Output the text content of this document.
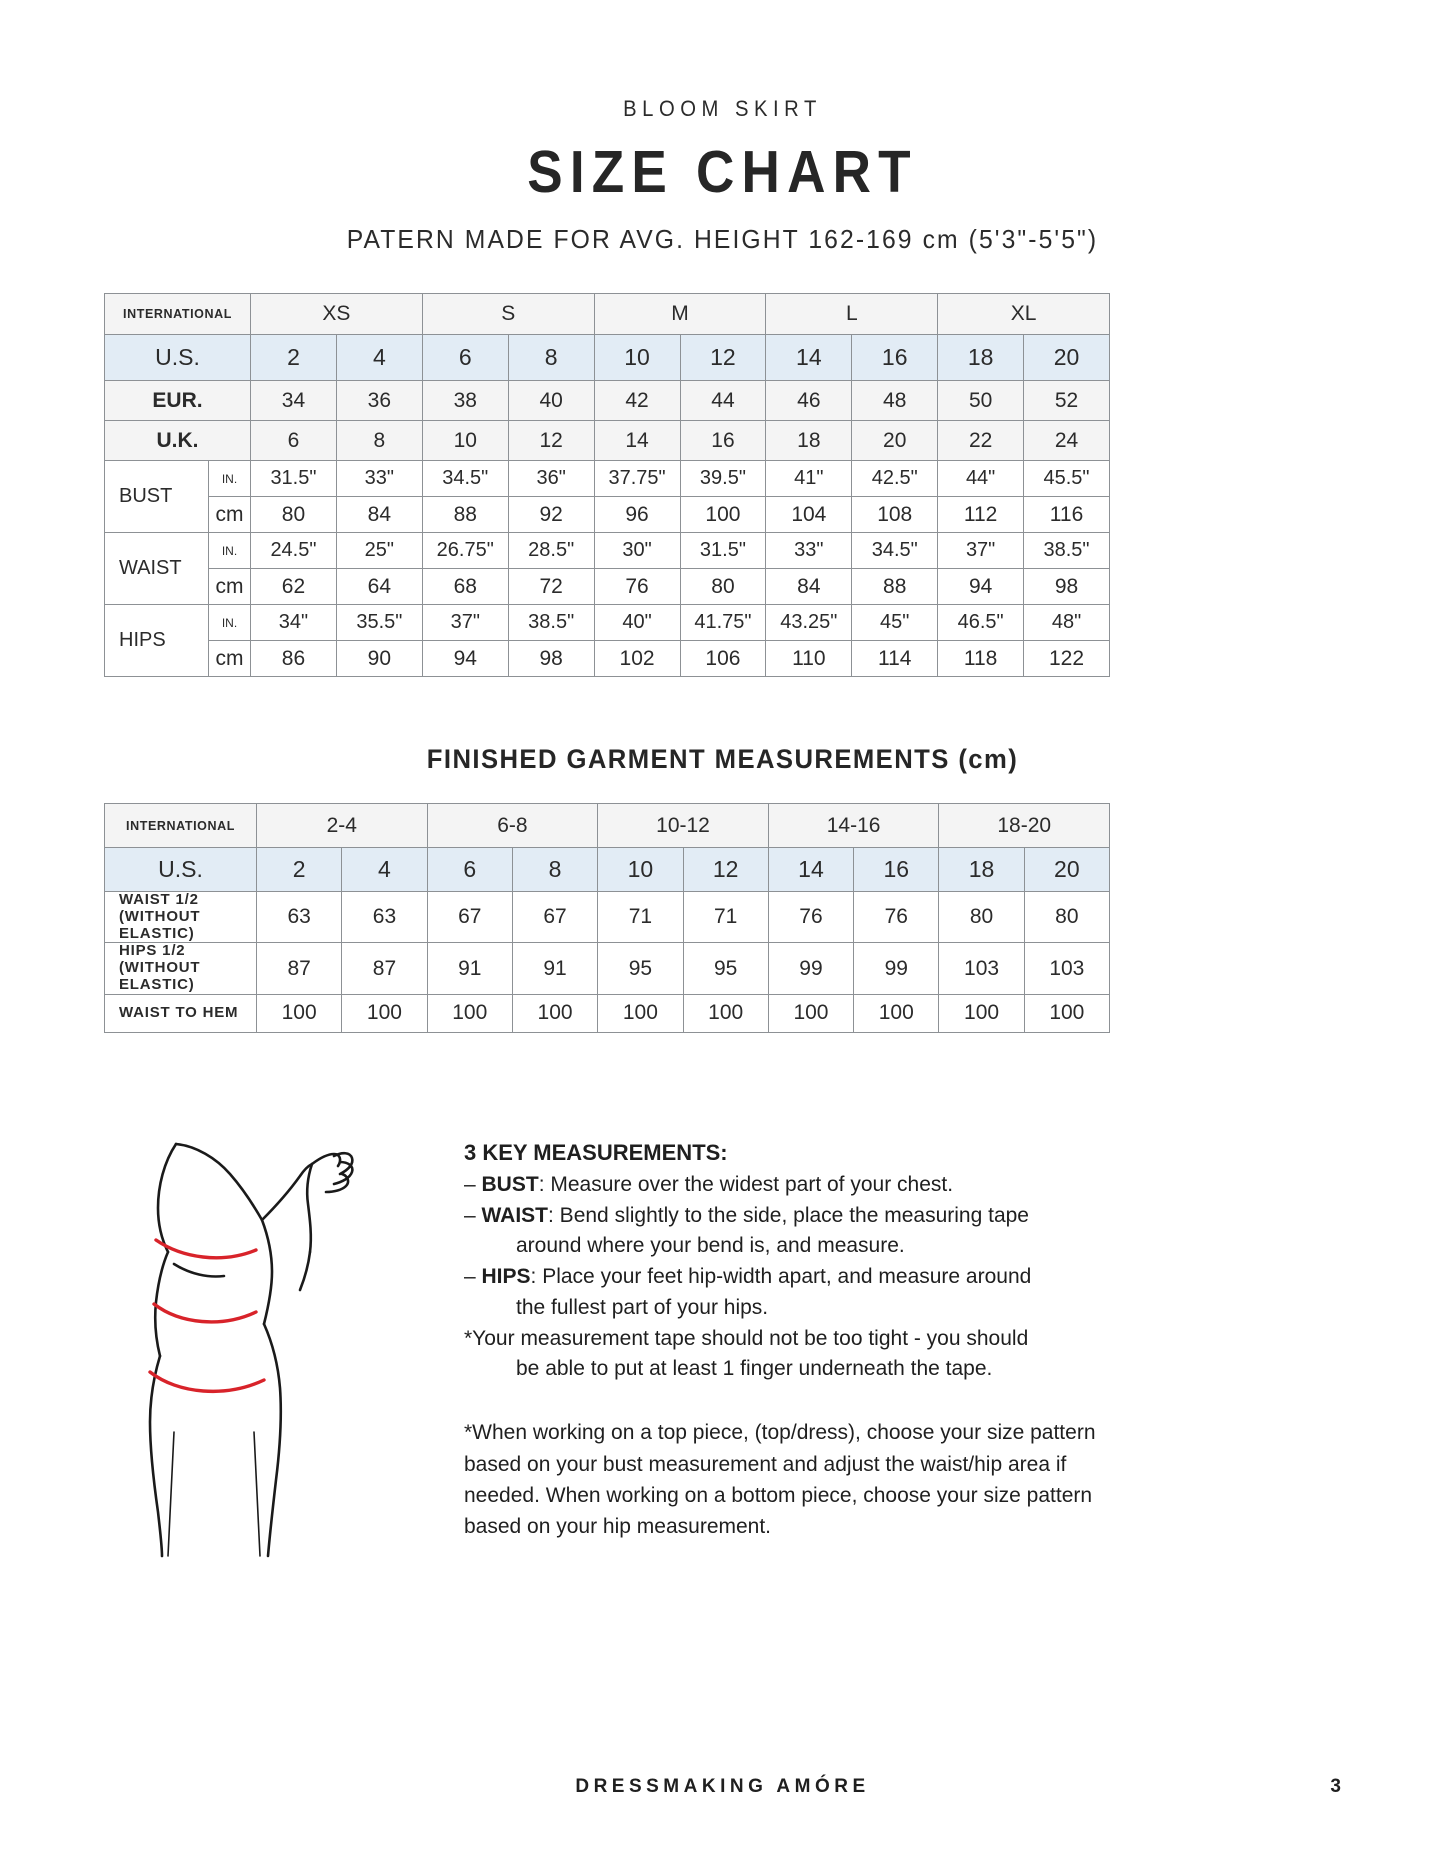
BLOOM SKIRT
SIZE CHART
PATERN MADE FOR AVG. HEIGHT 162-169 cm (5'3"-5'5")
INTERNATIONAL		XS		S		M		L		XL	
U.S.		2	4	6	8	10	12	14	16	18	20
EUR.		34	36	38	40	42	44	46	48	50	52
U.K.		6	8	10	12	14	16	18	20	22	24
BUST	IN.	31.5"	33"	34.5"	36"	37.75"	39.5"	41"	42.5"	44"	45.5"
	cm	80	84	88	92	96	100	104	108	112	116
WAIST	IN.	24.5"	25"	26.75"	28.5"	30"	31.5"	33"	34.5"	37"	38.5"
	cm	62	64	68	72	76	80	84	88	94	98
HIPS	IN.	34"	35.5"	37"	38.5"	40"	41.75"	43.25"	45"	46.5"	48"
	cm	86	90	94	98	102	106	110	114	118	122
FINISHED GARMENT MEASUREMENTS (cm)
INTERNATIONAL	2-4		6-8		10-12		14-16		18-20	
U.S.	2	4	6	8	10	12	14	16	18	20
WAIST 1/2
(WITHOUT ELASTIC)	63	63	67	67	71	71	76	76	80	80
HIPS 1/2
(WITHOUT ELASTIC)	87	87	91	91	95	95	99	99	103	103
WAIST TO HEM	100	100	100	100	100	100	100	100	100	100
3 KEY MEASUREMENTS:
– BUST: Measure over the widest part of your chest.
– WAIST: Bend slightly to the side, place the measuring tape
around where your bend is, and measure.
– HIPS: Place your feet hip-width apart, and measure around
the fullest part of your hips.
*Your measurement tape should not be too tight - you should
be able to put at least 1 finger underneath the tape.
*When working on a top piece, (top/dress), choose your size pattern based on your bust measurement and adjust the waist/hip area if needed. When working on a bottom piece, choose your size pattern based on your hip measurement.
DRESSMAKING AMÓRE	3
